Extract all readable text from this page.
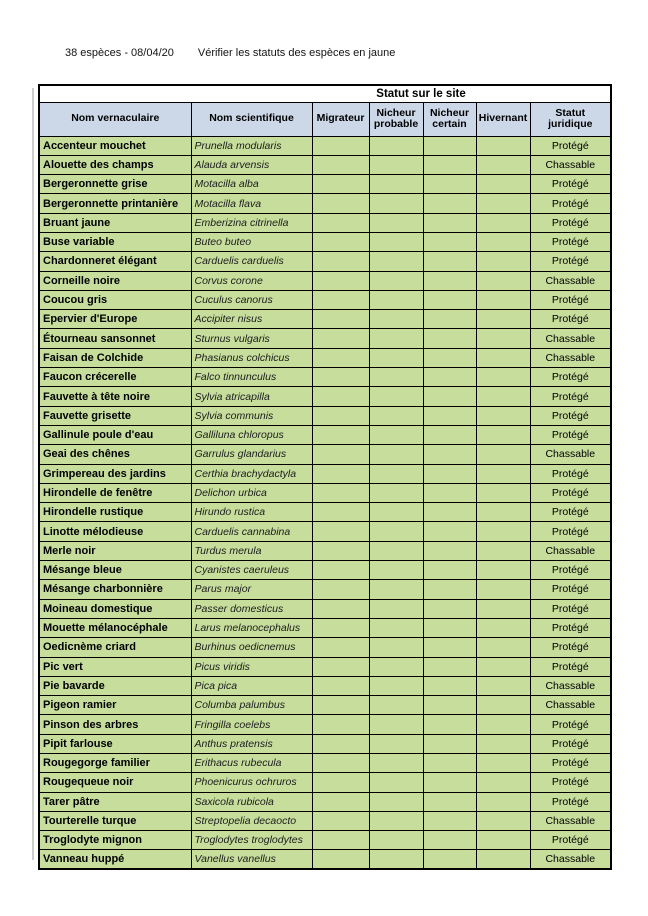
38 espèces - 08/04/20 Vérifier les statuts des espèces en jaune
		Statut sur le site				
Nom vernaculaire	Nom scientifique	Migrateur	Nicheur probable	Nicheur certain	Hivernant	Statut juridique
Accenteur mouchet	Prunella modularis					Protégé
Alouette des champs	Alauda arvensis					Chassable
Bergeronnette grise	Motacilla alba					Protégé
Bergeronnette printanière	Motacilla flava					Protégé
Bruant jaune	Emberizina citrinella					Protégé
Buse variable	Buteo buteo					Protégé
Chardonneret élégant	Carduelis carduelis					Protégé
Corneille noire	Corvus corone					Chassable
Coucou gris	Cuculus canorus					Protégé
Epervier d'Europe	Accipiter nisus					Protégé
Étourneau sansonnet	Sturnus vulgaris					Chassable
Faisan de Colchide	Phasianus colchicus					Chassable
Faucon crécerelle	Falco tinnunculus					Protégé
Fauvette à tête noire	Sylvia atricapilla					Protégé
Fauvette grisette	Sylvia communis					Protégé
Gallinule poule d'eau	Galliluna chloropus					Protégé
Geai des chênes	Garrulus glandarius					Chassable
Grimpereau des jardins	Certhia brachydactyla					Protégé
Hirondelle de fenêtre	Delichon urbica					Protégé
Hirondelle rustique	Hirundo rustica					Protégé
Linotte mélodieuse	Carduelis cannabina					Protégé
Merle noir	Turdus merula					Chassable
Mésange bleue	Cyanistes caeruleus					Protégé
Mésange charbonnière	Parus major					Protégé
Moineau domestique	Passer domesticus					Protégé
Mouette mélanocéphale	Larus melanocephalus					Protégé
Oedicnème criard	Burhinus oedicnemus					Protégé
Pic vert	Picus viridis					Protégé
Pie bavarde	Pica pica					Chassable
Pigeon ramier	Columba palumbus					Chassable
Pinson des arbres	Fringilla coelebs					Protégé
Pipit farlouse	Anthus pratensis					Protégé
Rougegorge familier	Erithacus rubecula					Protégé
Rougequeue noir	Phoenicurus ochruros					Protégé
Tarer pâtre	Saxicola rubicola					Protégé
Tourterelle turque	Streptopelia decaocto					Chassable
Troglodyte mignon	Troglodytes troglodytes					Protégé
Vanneau huppé	Vanellus vanellus					Chassable
